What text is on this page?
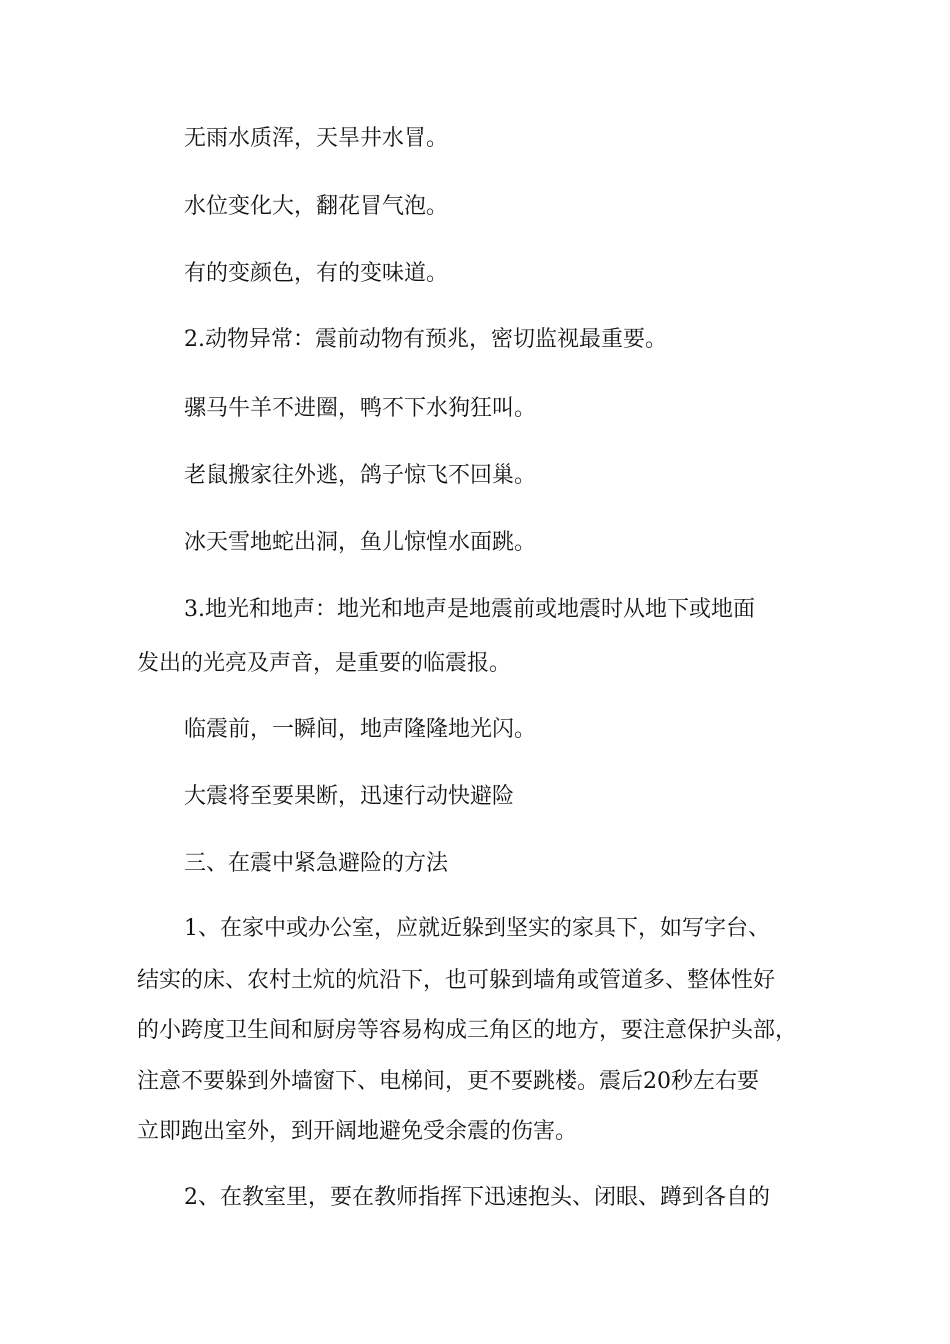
无雨水质浑，天旱井水冒。
水位变化大，翻花冒气泡。
有的变颜色，有的变味道。
2.动物异常：震前动物有预兆，密切监视最重要。
骡马牛羊不进圈，鸭不下水狗狂叫。
老鼠搬家往外逃，鸽子惊飞不回巢。
冰天雪地蛇出洞，鱼儿惊惶水面跳。
3.地光和地声：地光和地声是地震前或地震时从地下或地面
发出的光亮及声音，是重要的临震报。
临震前，一瞬间，地声隆隆地光闪。
大震将至要果断，迅速行动快避险
三、在震中紧急避险的方法
1、在家中或办公室，应就近躲到坚实的家具下，如写字台、
结实的床、农村土炕的炕沿下，也可躲到墙角或管道多、整体性好
的小跨度卫生间和厨房等容易构成三角区的地方，要注意保护头部，
注意不要躲到外墙窗下、电梯间，更不要跳楼。震后20秒左右要
立即跑出室外，到开阔地避免受余震的伤害。
2、在教室里，要在教师指挥下迅速抱头、闭眼、蹲到各自的
